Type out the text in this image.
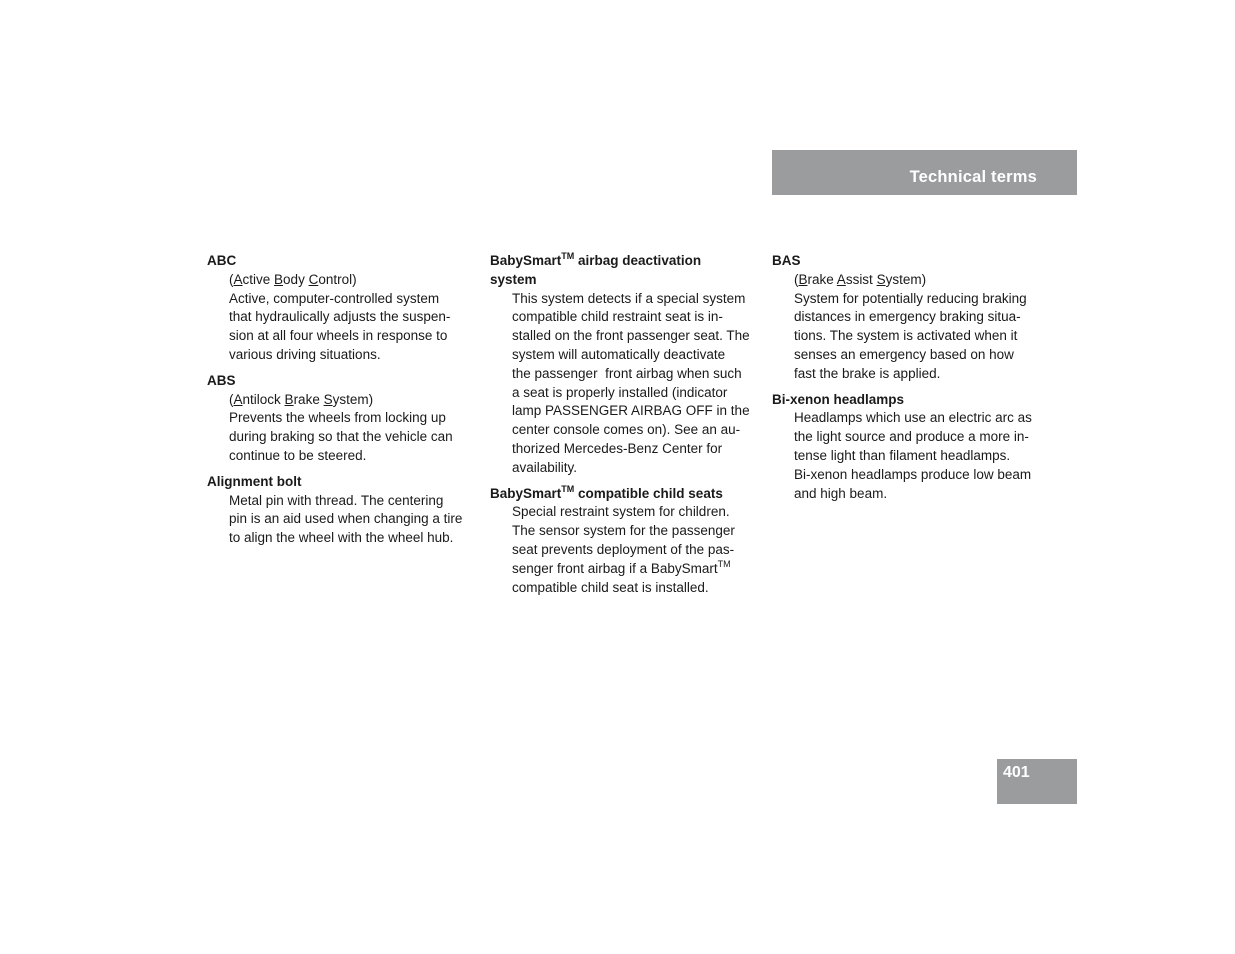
Technical terms
ABC
(Active Body Control)
Active, computer-controlled system
that hydraulically adjusts the suspen-
sion at all four wheels in response to
various driving situations.
ABS
(Antilock Brake System)
Prevents the wheels from locking up
during braking so that the vehicle can
continue to be steered.
Alignment bolt
Metal pin with thread. The centering
pin is an aid used when changing a tire
to align the wheel with the wheel hub.
BabySmart™ airbag deactivation
system
This system detects if a special system
compatible child restraint seat is in-
stalled on the front passenger seat. The
system will automatically deactivate
the passenger  front airbag when such
a seat is properly installed (indicator
lamp PASSENGER AIRBAG OFF in the
center console comes on). See an au-
thorized Mercedes-Benz Center for
availability.
BabySmart™ compatible child seats
Special restraint system for children.
The sensor system for the passenger
seat prevents deployment of the pas-
senger front airbag if a BabySmart™
compatible child seat is installed.
BAS
(Brake Assist System)
System for potentially reducing braking
distances in emergency braking situa-
tions. The system is activated when it
senses an emergency based on how
fast the brake is applied.
Bi-xenon headlamps
Headlamps which use an electric arc as
the light source and produce a more in-
tense light than filament headlamps.
Bi-xenon headlamps produce low beam
and high beam.
401
